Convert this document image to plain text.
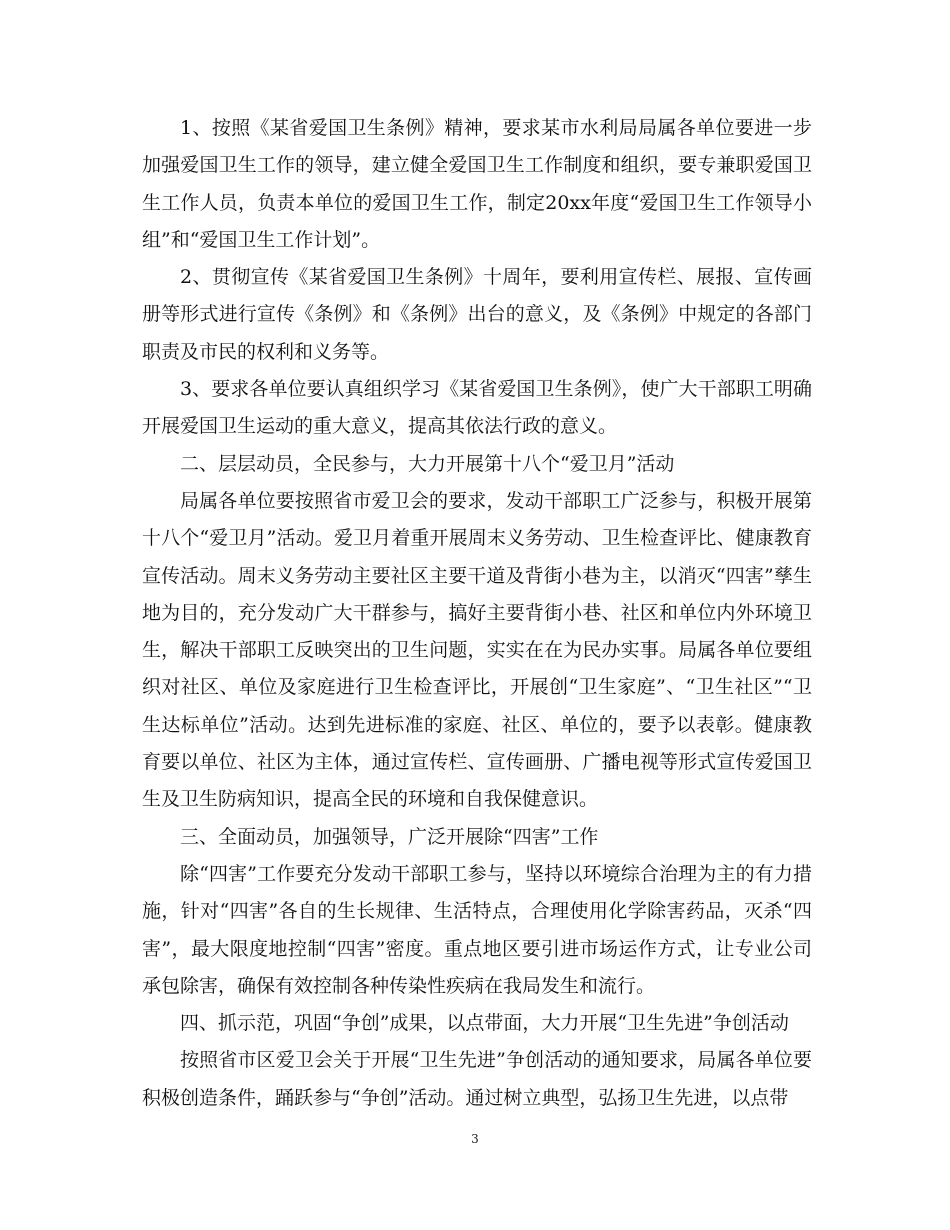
1、按照《某省爱国卫生条例》精神，要求某市水利局局属各单位要进一步加强爱国卫生工作的领导，建立健全爱国卫生工作制度和组织，要专兼职爱国卫生工作人员，负责本单位的爱国卫生工作，制定20xx年度“爱国卫生工作领导小组”和“爱国卫生工作计划”。

2、贯彻宣传《某省爱国卫生条例》十周年，要利用宣传栏、展报、宣传画册等形式进行宣传《条例》和《条例》出台的意义，及《条例》中规定的各部门职责及市民的权利和义务等。

3、要求各单位要认真组织学习《某省爱国卫生条例》，使广大干部职工明确开展爱国卫生运动的重大意义，提高其依法行政的意义。

二、层层动员，全民参与，大力开展第十八个“爱卫月”活动

局属各单位要按照省市爱卫会的要求，发动干部职工广泛参与，积极开展第十八个“爱卫月”活动。爱卫月着重开展周末义务劳动、卫生检查评比、健康教育宣传活动。周末义务劳动主要社区主要干道及背街小巷为主，以消灭“四害”孳生地为目的，充分发动广大干群参与，搞好主要背街小巷、社区和单位内外环境卫生，解决干部职工反映突出的卫生问题，实实在在为民办实事。局属各单位要组织对社区、单位及家庭进行卫生检查评比，开展创“卫生家庭”、“卫生社区”“卫生达标单位”活动。达到先进标准的家庭、社区、单位的，要予以表彰。健康教育要以单位、社区为主体，通过宣传栏、宣传画册、广播电视等形式宣传爱国卫生及卫生防病知识，提高全民的环境和自我保健意识。

三、全面动员，加强领导，广泛开展除“四害”工作

除“四害”工作要充分发动干部职工参与，坚持以环境综合治理为主的有力措施，针对“四害”各自的生长规律、生活特点，合理使用化学除害药品，灭杀“四害”，最大限度地控制“四害”密度。重点地区要引进市场运作方式，让专业公司承包除害，确保有效控制各种传染性疾病在我局发生和流行。

四、抓示范，巩固“争创”成果，以点带面，大力开展“卫生先进”争创活动

按照省市区爱卫会关于开展“卫生先进”争创活动的通知要求，局属各单位要积极创造条件，踊跃参与“争创”活动。通过树立典型，弘扬卫生先进，以点带

3
